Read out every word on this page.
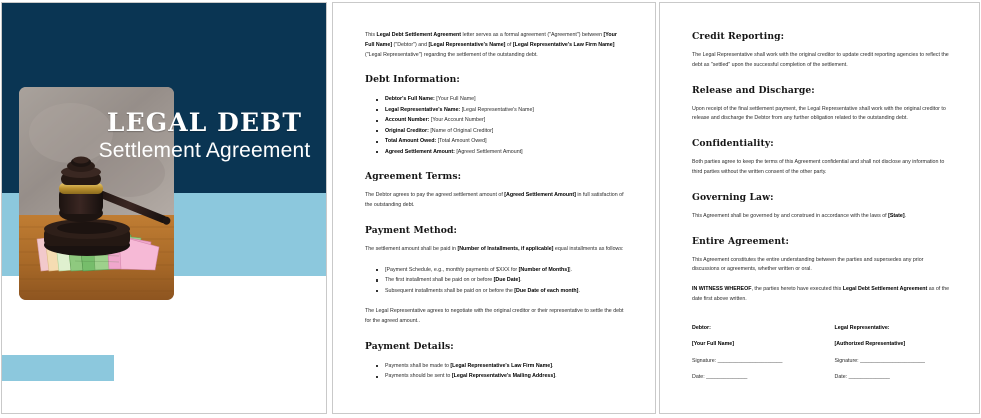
LEGAL DEBT
Settlement Agreement

This Legal Debt Settlement Agreement letter serves as a formal agreement ("Agreement") between [Your Full Name] ("Debtor") and [Legal Representative's Name] of [Legal Representative's Law Firm Name] ("Legal Representative") regarding the settlement of the outstanding debt.

Debt Information:
Debtor's Full Name: [Your Full Name]
Legal Representative's Name: [Legal Representative's Name]
Account Number: [Your Account Number]
Original Creditor: [Name of Original Creditor]
Total Amount Owed: [Total Amount Owed]
Agreed Settlement Amount: [Agreed Settlement Amount]
Agreement Terms:

The Debtor agrees to pay the agreed settlement amount of [Agreed Settlement Amount] in full satisfaction of the outstanding debt.

Payment Method:

The settlement amount shall be paid in [Number of Installments, if applicable] equal installments as follows:

[Payment Schedule, e.g., monthly payments of $XXX for [Number of Months]].
The first installment shall be paid on or before [Due Date].
Subsequent installments shall be paid on or before the [Due Date of each month].

The Legal Representative agrees to negotiate with the original creditor or their representative to settle the debt for the agreed amount..

Payment Details:
Payments shall be made to [Legal Representative's Law Firm Name].
Payments should be sent to [Legal Representative's Mailing Address].
Credit Reporting:

The Legal Representative shall work with the original creditor to update credit reporting agencies to reflect the debt as "settled" upon the successful completion of the settlement.

Release and Discharge:

Upon receipt of the final settlement payment, the Legal Representative shall work with the original creditor to release and discharge the Debtor from any further obligation related to the outstanding debt.

Confidentiality:

Both parties agree to keep the terms of this Agreement confidential and shall not disclose any information to third parties without the written consent of the other party.

Governing Law:

This Agreement shall be governed by and construed in accordance with the laws of [State].

Entire Agreement:

This Agreement constitutes the entire understanding between the parties and supersedes any prior discussions or agreements, whether written or oral.

IN WITNESS WHEREOF, the parties hereto have executed this Legal Debt Settlement Agreement as of the date first above written.

Debtor:
[Your Full Name]
Signature: ______________________
Date: ______________
Legal Representative:
[Authorized Representative]
Signature: ______________________
Date: ______________
